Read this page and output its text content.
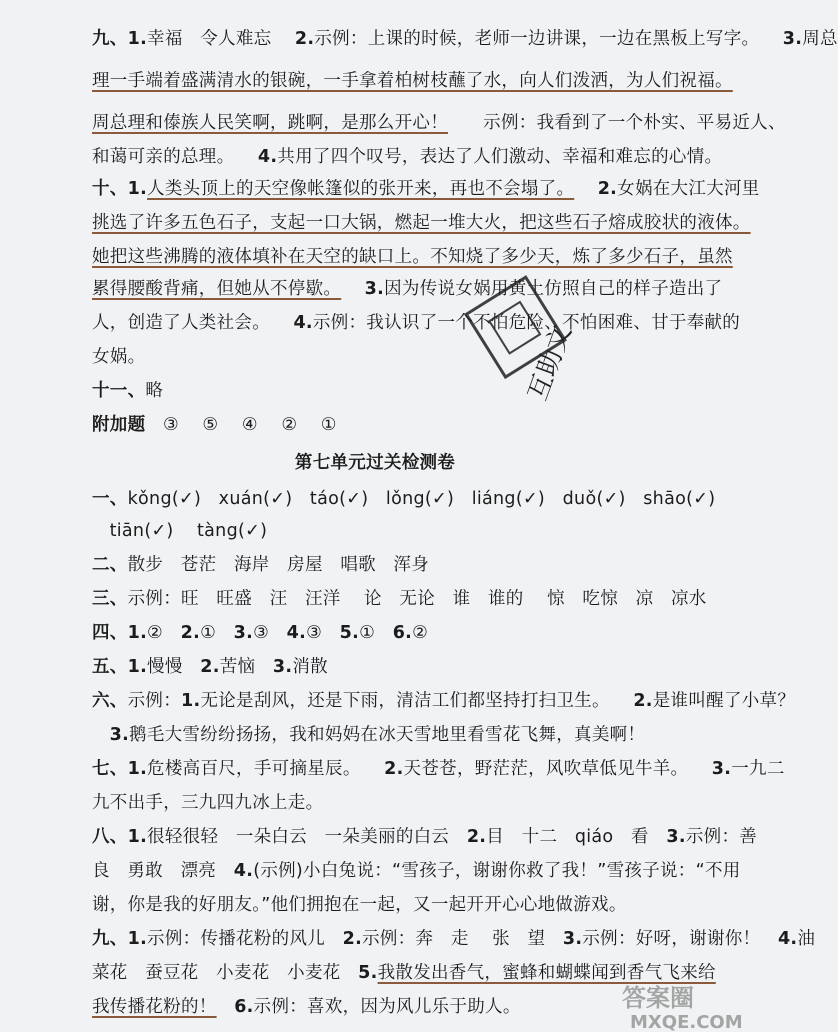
九、1.幸福   令人难忘    2.示例：上课的时候，老师一边讲课，一边在黑板上写字。    3.周总
理一手端着盛满清水的银碗，一手拿着柏树枝蘸了水，向人们泼洒，为人们祝福。
周总理和傣族人民笑啊，跳啊，是那么开心！      示例：我看到了一个朴实、平易近人、
和蔼可亲的总理。    4.共用了四个叹号，表达了人们激动、幸福和难忘的心情。
十、1.人类头顶上的天空像帐篷似的张开来，再也不会塌了。 2.女娲在大江大河里
挑选了许多五色石子，支起一口大锅，燃起一堆大火，把这些石子熔成胶状的液体。
她把这些沸腾的液体填补在天空的缺口上。不知烧了多少天，炼了多少石子，虽然
累得腰酸背痛，但她从不停歇。 3.因为传说女娲用黄土仿照自己的样子造出了
人，创造了人类社会。    4.示例：我认识了一个不怕危险、不怕困难、甘于奉献的
女娲。
十一、略
附加题   ③    ⑤    ④    ②    ①
第七单元过关检测卷
一、kǒng(✓)   xuán(✓)   táo(✓)   lǒng(✓)   liáng(✓)   duǒ(✓)   shāo(✓)
tiān(✓)    tàng(✓)
二、散步   苍茫   海岸   房屋   唱歌   浑身
三、示例：旺   旺盛   汪   汪洋    论   无论   谁   谁的    惊   吃惊   凉   凉水
四、1.②   2.①   3.③   4.③   5.①   6.②
五、1.慢慢   2.苦恼   3.消散
六、示例：1.无论是刮风，还是下雨，清洁工们都坚持打扫卫生。    2.是谁叫醒了小草？
3.鹅毛大雪纷纷扬扬，我和妈妈在冰天雪地里看雪花飞舞，真美啊！
七、1.危楼高百尺，手可摘星辰。    2.天苍苍，野茫茫，风吹草低见牛羊。    3.一九二
九不出手，三九四九冰上走。
八、1.很轻很轻   一朵白云   一朵美丽的白云   2.目   十二   qiáo   看   3.示例：善
良   勇敢   漂亮   4.(示例)小白兔说：“雪孩子，谢谢你救了我！”雪孩子说：“不用
谢，你是我的好朋友。”他们拥抱在一起，又一起开开心心地做游戏。
九、1.示例：传播花粉的风儿   2.示例：奔   走    张   望   3.示例：好呀，谢谢你！   4.油
菜花   蚕豆花   小麦花   小麦花   5.我散发出香气，蜜蜂和蝴蝶闻到香气飞来给
我传播花粉的！ 6.示例：喜欢，因为风儿乐于助人。
互助文
答案圈
MXQE.COM
